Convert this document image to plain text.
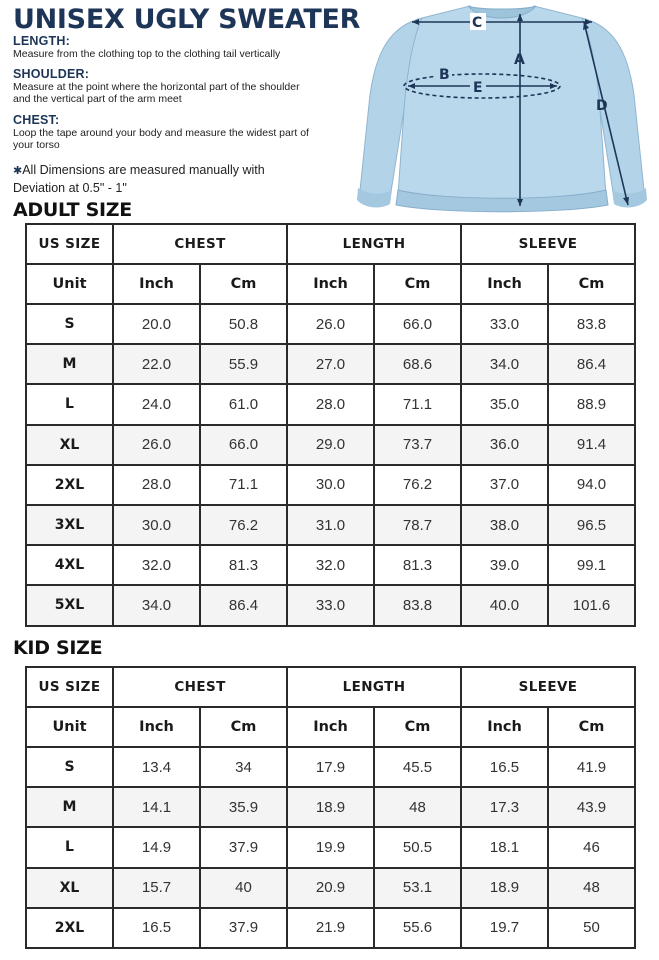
UNISEX UGLY SWEATER
LENGTH:

Measure from the clothing top to the clothing tail vertically

SHOULDER:

Measure at the point where the horizontal part of the shoulder and the vertical part of the arm meet

CHEST:

Loop the tape around your body and measure the widest part of your torso

✱All Dimensions are measured manually with
Deviation at 0.5" - 1"
C
A
B
E
D
ADULT SIZE
US SIZE	CHEST		LENGTH		SLEEVE	
Unit	Inch	Cm	Inch	Cm	Inch	Cm
S	20.0	50.8	26.0	66.0	33.0	83.8
M	22.0	55.9	27.0	68.6	34.0	86.4
L	24.0	61.0	28.0	71.1	35.0	88.9
XL	26.0	66.0	29.0	73.7	36.0	91.4
2XL	28.0	71.1	30.0	76.2	37.0	94.0
3XL	30.0	76.2	31.0	78.7	38.0	96.5
4XL	32.0	81.3	32.0	81.3	39.0	99.1
5XL	34.0	86.4	33.0	83.8	40.0	101.6
KID SIZE
US SIZE	CHEST		LENGTH		SLEEVE	
Unit	Inch	Cm	Inch	Cm	Inch	Cm
S	13.4	34	17.9	45.5	16.5	41.9
M	14.1	35.9	18.9	48	17.3	43.9
L	14.9	37.9	19.9	50.5	18.1	46
XL	15.7	40	20.9	53.1	18.9	48
2XL	16.5	37.9	21.9	55.6	19.7	50
